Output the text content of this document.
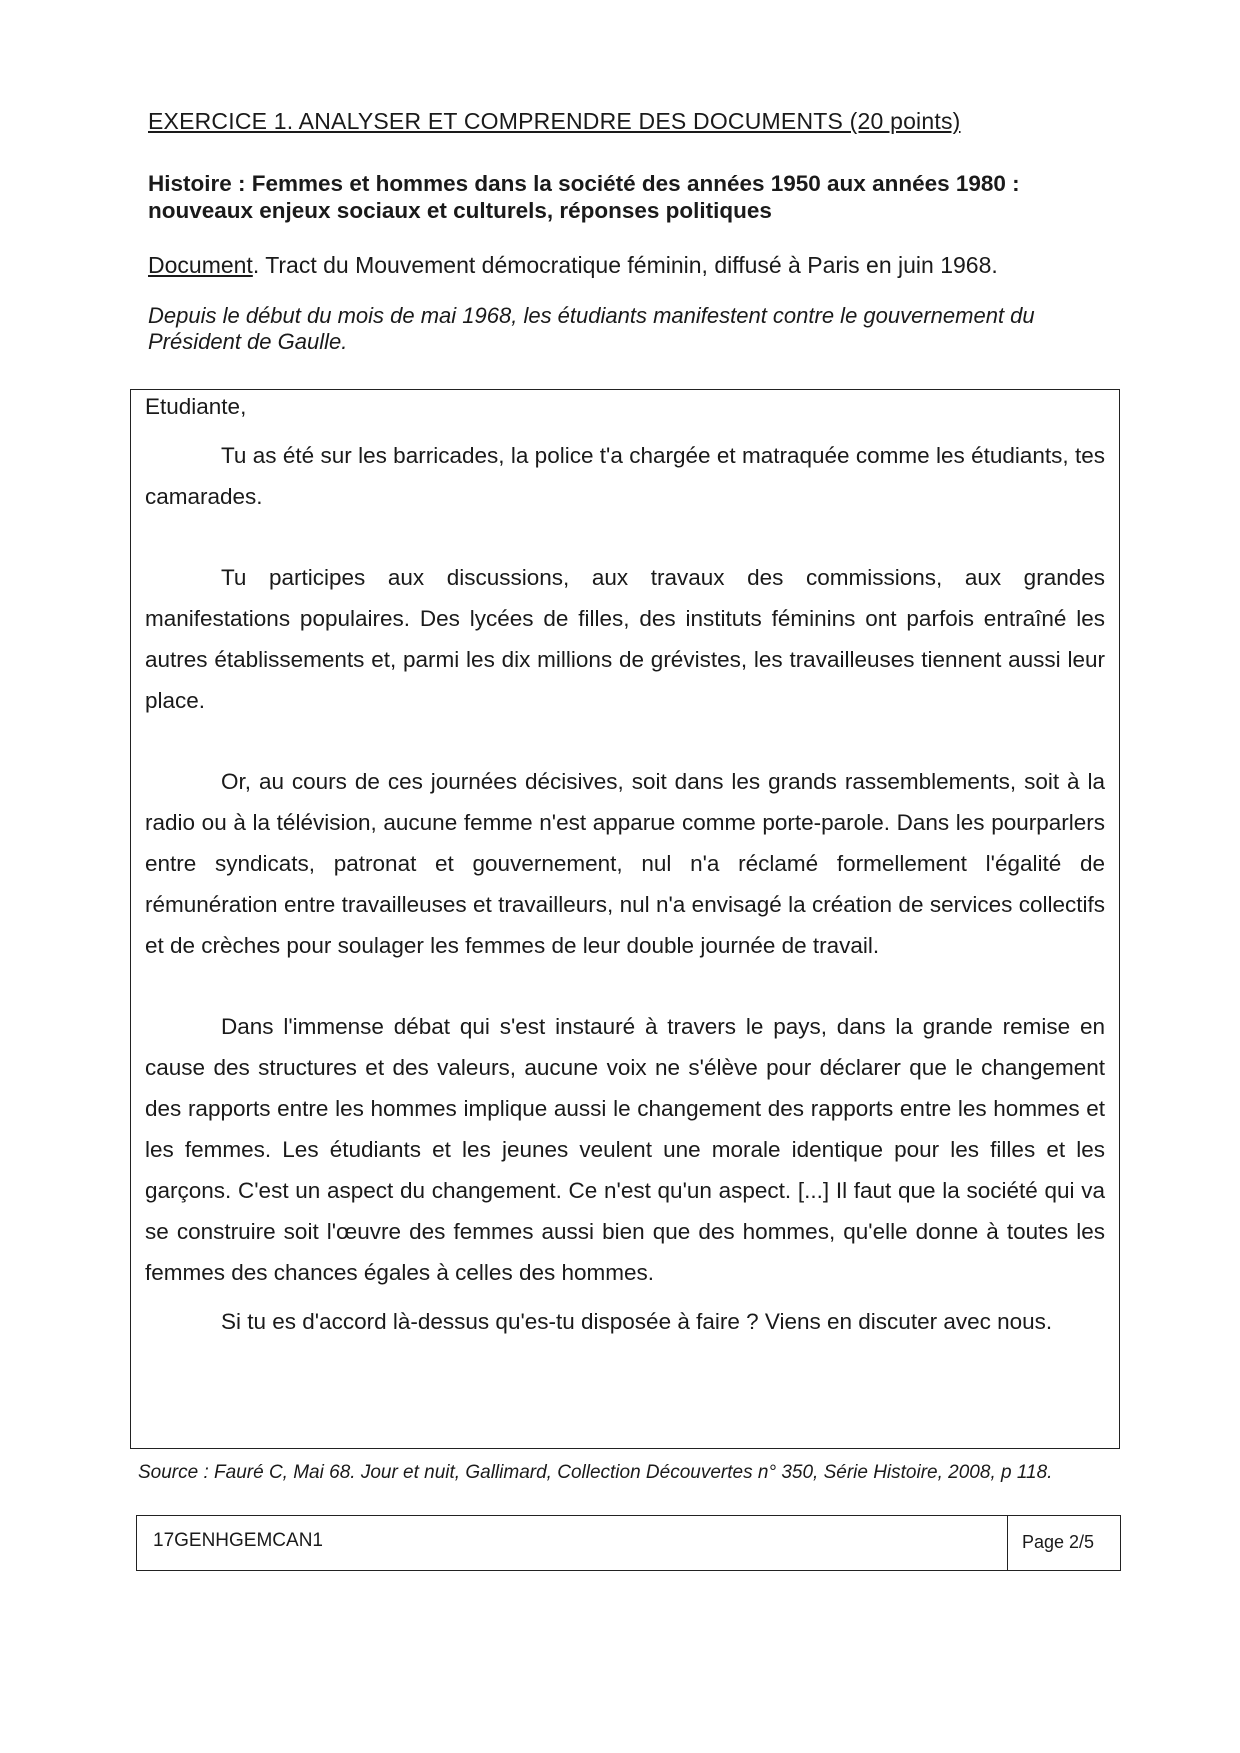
EXERCICE 1. ANALYSER ET COMPRENDRE DES DOCUMENTS (20 points)
Histoire : Femmes et hommes dans la société des années 1950 aux années 1980 : nouveaux enjeux sociaux et culturels, réponses politiques
Document. Tract du Mouvement démocratique féminin, diffusé à Paris en juin 1968.
Depuis le début du mois de mai 1968, les étudiants manifestent contre le gouvernement du Président de Gaulle.

Etudiante,

Tu as été sur les barricades, la police t'a chargée et matraquée comme les étudiants, tes camarades.

Tu participes aux discussions, aux travaux des commissions, aux grandes manifestations populaires. Des lycées de filles, des instituts féminins ont parfois entraîné les autres établissements et, parmi les dix millions de grévistes, les travailleuses tiennent aussi leur place.

Or, au cours de ces journées décisives, soit dans les grands rassemblements, soit à la radio ou à la télévision, aucune femme n'est apparue comme porte-parole. Dans les pourparlers entre syndicats, patronat et gouvernement, nul n'a réclamé formellement l'égalité de rémunération entre travailleuses et travailleurs, nul n'a envisagé la création de services collectifs et de crèches pour soulager les femmes de leur double journée de travail.

Dans l'immense débat qui s'est instauré à travers le pays, dans la grande remise en cause des structures et des valeurs, aucune voix ne s'élève pour déclarer que le changement des rapports entre les hommes implique aussi le changement des rapports entre les hommes et les femmes. Les étudiants et les jeunes veulent une morale identique pour les filles et les garçons. C'est un aspect du changement. Ce n'est qu'un aspect. [...] Il faut que la société qui va se construire soit l'œuvre des femmes aussi bien que des hommes, qu'elle donne à toutes les femmes des chances égales à celles des hommes.

Si tu es d'accord là-dessus qu'es-tu disposée à faire ? Viens en discuter avec nous.

Source : Fauré C, Mai 68. Jour et nuit, Gallimard, Collection Découvertes n° 350, Série Histoire, 2008, p 118.
17GENHGEMCAN1	Page 2/5
